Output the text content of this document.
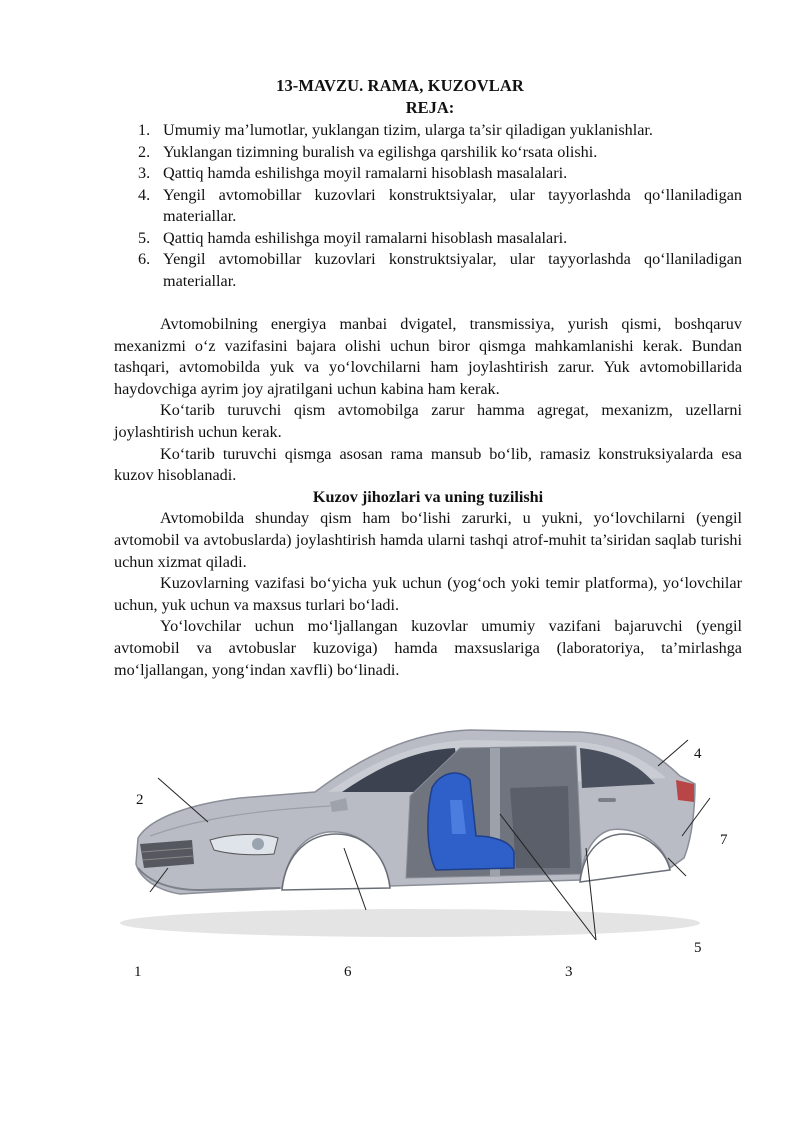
13-MAVZU. RAMA, KUZOVLAR
REJA:
1. Umumiy ma’lumotlar, yuklangan tizim, ularga ta’sir qiladigan yuklanishlar.
2. Yuklangan tizimning buralish va egilishga qarshilik ko‘rsata olishi.
3. Qattiq hamda eshilishga moyil ramalarni hisoblash masalalari.
4. Yengil avtomobillar kuzovlari konstruktsiyalar, ular tayyorlashda qo‘llaniladigan materiallar.
5. Qattiq hamda eshilishga moyil ramalarni hisoblash masalalari.
6. Yengil avtomobillar kuzovlari konstruktsiyalar, ular tayyorlashda qo‘llaniladigan materiallar.

Avtomobilning energiya manbai dvigatel, transmissiya, yurish qismi, boshqaruv mexanizmi o‘z vazifasini bajara olishi uchun biror qismga mahkamlanishi kerak. Bundan tashqari, avtomobilda yuk va yo‘lovchilarni ham joylashtirish zarur. Yuk avtomobillarida haydovchiga ayrim joy ajratilgani uchun kabina ham kerak.

Ko‘tarib turuvchi qism avtomobilga zarur hamma agregat, mexanizm, uzellarni joylashtirish uchun kerak.

Ko‘tarib turuvchi qismga asosan rama mansub bo‘lib, ramasiz konstruksiyalarda esa kuzov hisoblanadi.

Kuzov jihozlari va uning tuzilishi

Avtomobilda shunday qism ham bo‘lishi zarurki, u yukni, yo‘lovchilarni (yengil avtomobil va avtobuslarda) joylashtirish hamda ularni tashqi atrof-muhit ta’siridan saqlab turishi uchun xizmat qiladi.

Kuzovlarning vazifasi bo‘yicha yuk uchun (yog‘och yoki temir platforma), yo‘lovchilar uchun, yuk uchun va maxsus turlari bo‘ladi.

Yo‘lovchilar uchun mo‘ljallangan kuzovlar umumiy vazifani bajaruvchi (yengil avtomobil va avtobuslar kuzoviga) hamda maxsuslariga (laboratoriya, ta’mirlashga mo‘ljallangan, yong‘indan xavfli) bo‘linadi.

1
2
3
4
5
6
7
